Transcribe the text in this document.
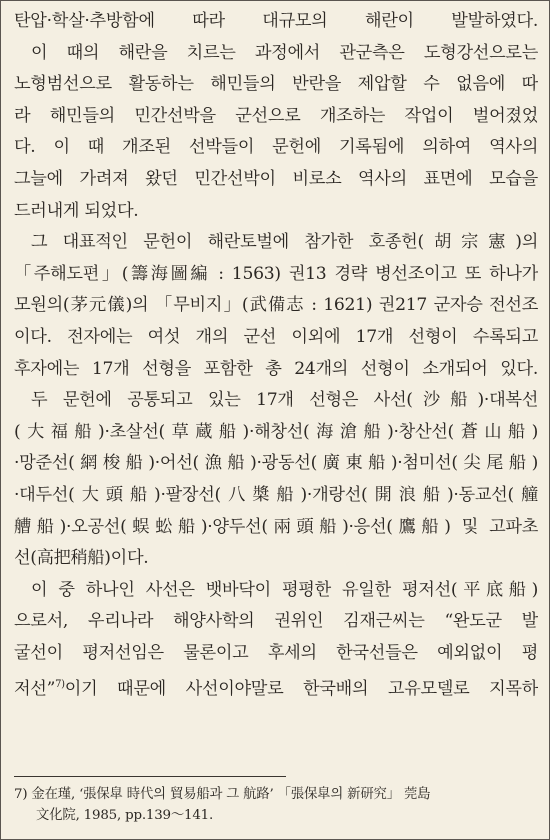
탄압·학살·추방함에 따라 대규모의 해란이 발발하였다.
이 때의 해란을 치르는 과정에서 관군측은 도형강선으로는
노형범선으로 활동하는 해민들의 반란을 제압할 수 없음에 따
라 해민들의 민간선박을 군선으로 개조하는 작업이 벌어졌었
다. 이 때 개조된 선박들이 문헌에 기록됨에 의하여 역사의
그늘에 가려져 왔던 민간선박이 비로소 역사의 표면에 모습을
드러내게 되었다.
그 대표적인 문헌이 해란토벌에 참가한 호종헌(胡宗憲)의
「주해도편」(籌海圖編 : 1563) 권13 경략 병선조이고 또 하나가
모원의(茅元儀)의 「무비지」(武備志 : 1621) 권217 군자승 전선조
이다. 전자에는 여섯 개의 군선 이외에 17개 선형이 수록되고
후자에는 17개 선형을 포함한 총 24개의 선형이 소개되어 있다.
두 문헌에 공통되고 있는 17개 선형은 사선(沙船)·대복선
(大福船)·초살선(草蔵船)·해창선(海滄船)·창산선(蒼山船)
·망준선(網梭船)·어선(漁船)·광동선(廣東船)·첨미선(尖尾船)
·대두선(大頭船)·팔장선(八槳船)·개랑선(開浪船)·동교선(艟
艚船)·오공선(蜈蚣船)·양두선(兩頭船)·응선(鷹船) 및 고파초
선(高把稍船)이다.
이 중 하나인 사선은 뱃바닥이 평평한 유일한 평저선(平底船)
으로서, 우리나라 해양사학의 권위인 김재근씨는 “완도군 발
굴선이 평저선임은 물론이고 후세의 한국선들은 예외없이 평
저선”$^{7)}$이기 때문에 사선이야말로 한국배의 고유모델로 지목하
7) 金在瑾, ‘張保皐 時代의 貿易船과 그 航路’ 「張保皐의 新研究」 莞島
文化院, 1985, pp.139～141.
